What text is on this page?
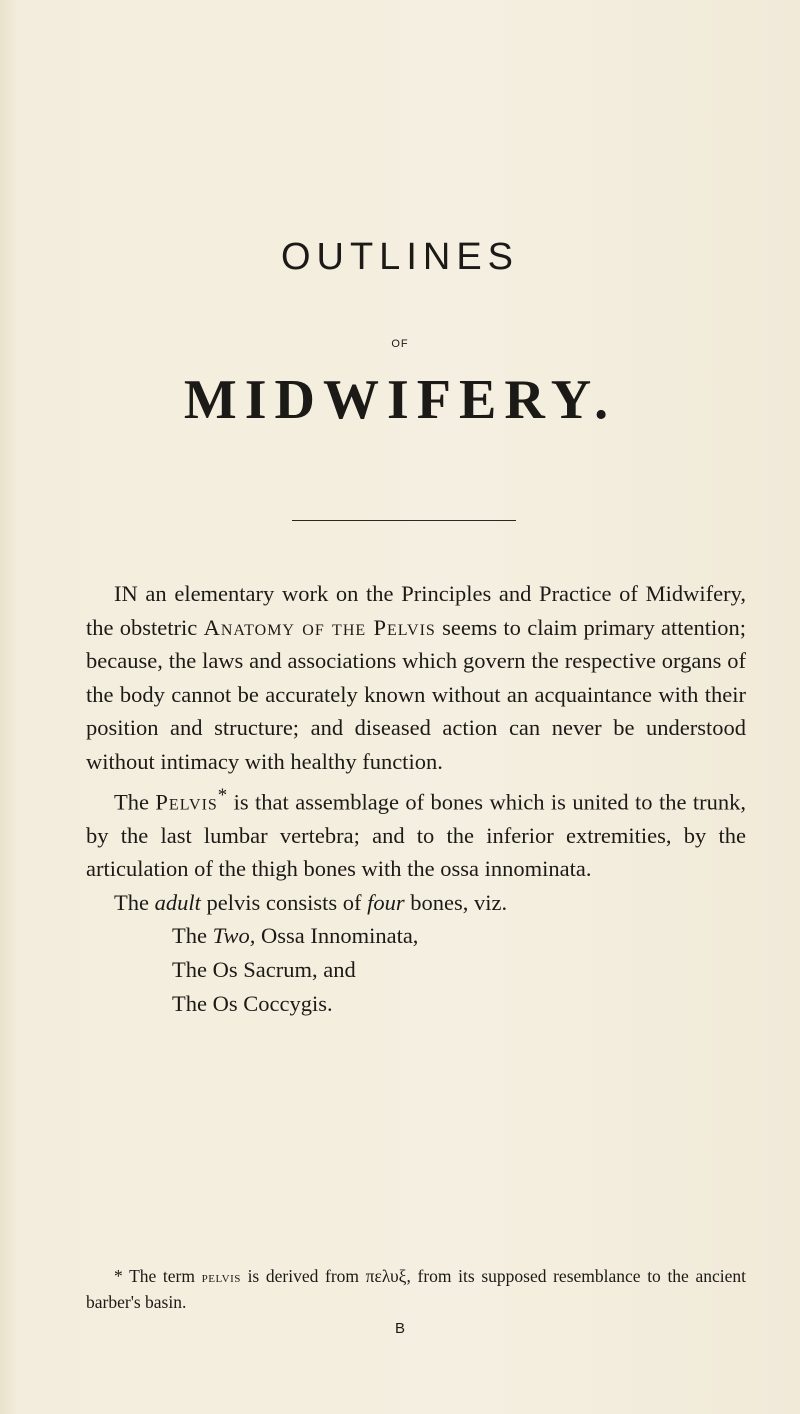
OUTLINES
OF
MIDWIFERY.

IN an elementary work on the Principles and Practice of Midwifery, the obstetric Anatomy of the Pelvis seems to claim primary attention; because, the laws and associations which govern the respective organs of the body cannot be accurately known without an acquaintance with their position and structure; and diseased action can never be understood without intimacy with healthy function.

The Pelvis* is that assemblage of bones which is united to the trunk, by the last lumbar vertebra; and to the inferior extremities, by the articulation of the thigh bones with the ossa innominata.

The adult pelvis consists of four bones, viz.

The Two, Ossa Innominata,
The Os Sacrum, and
The Os Coccygis.

* The term pelvis is derived from πελυξ, from its supposed resemblance to the ancient barber's basin.

B
